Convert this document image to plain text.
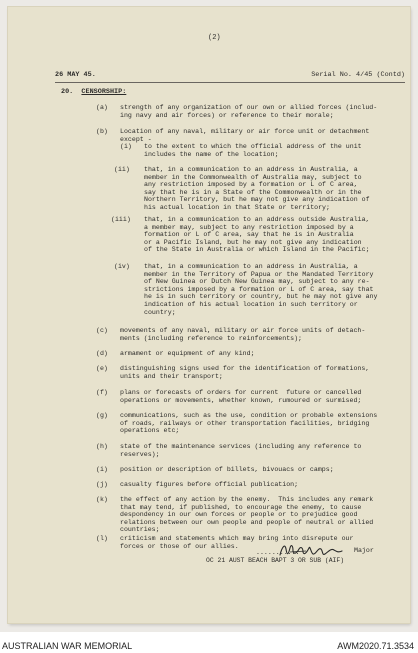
(2)
26 MAY 45.	Serial No. 4/45 (Contd)
20. CENSORSHIP:
(a) strength of any organization of our own or allied forces (includ-
ing navy and air forces) or reference to their morale;
(b) Location of any naval, military or air force unit or detachment
except -
(i) to the extent to which the official address of the unit
includes the name of the location;
(ii) that, in a communication to an address in Australia, a
member in the Commonwealth of Australia may, subject to
any restriction imposed by a formation or L of C area,
say that he is in a State of the Commonwealth or in the
Northern Territory, but he may not give any indication of
his actual location in that State or territory;
(iii) that, in a communication to an address outside Australia,
a member may, subject to any restriction imposed by a
formation or L of C area, say that he is in Australia
or a Pacific Island, but he may not give any indication
of the State in Australia or which Island in the Pacific;
(iv) that, in a communication to an address in Australia, a
member in the Territory of Papua or the Mandated Territory
of New Guinea or Dutch New Guinea may, subject to any re-
strictions imposed by a formation or L of C area, say that
he is in such territory or country, but he may not give any
indication of his actual location in such territory or
country;
(c) movements of any naval, military or air force units of detach-
ments (including reference to reinforcements);
(d) armament or equipment of any kind;
(e) distinguishing signs used for the identification of formations,
units and their transport;
(f) plans or forecasts of orders for current  future or cancelled
operations or movements, whether known, rumoured or surmised;
(g) communications, such as the use, condition or probable extensions
of roads, railways or other transportation facilities, bridging
operations etc;
(h) state of the maintenance services (including any reference to
reserves);
(i) position or description of billets, bivouacs or camps;
(j) casualty figures before official publication;
(k) the effect of any action by the enemy.  This includes any remark
that may tend, if published, to encourage the enemy, to cause
despondency in our own forces or people or to prejudice good
relations between our own people and people of neutral or allied
countries;
(l) criticism and statements which may bring into disrepute our
forces or those of our allies.
...........	Major
OC 21 AUST BEACH BAPT 3 OR SUB (AIF)
AUSTRALIAN WAR MEMORIAL	AWM2020.71.3534
